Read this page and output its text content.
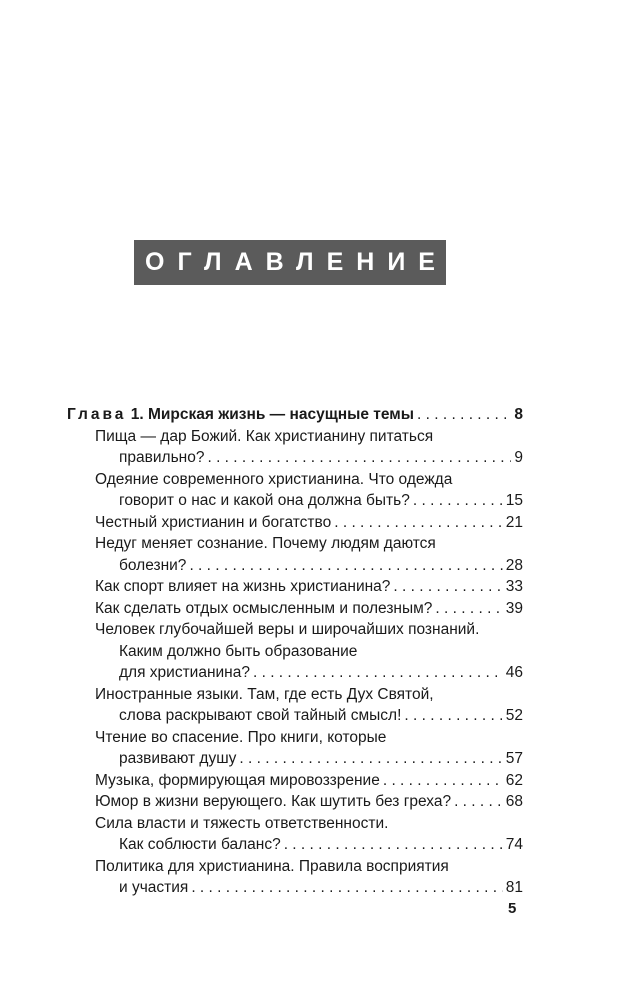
ОГЛАВЛЕНИЕ
Глава 1. Мирская жизнь — насущные темы . . .	8
Пища — дар Божий. Как христианину питаться
правильно? . . .	9
Одеяние современного христианина. Что одежда
говорит о нас и какой она должна быть? . . .	15
Честный христианин и богатство . . .	21
Недуг меняет сознание. Почему людям даются
болезни? . . .	28
Как спорт влияет на жизнь христианина? . . .	33
Как сделать отдых осмысленным и полезным? . . .	39
Человек глубочайшей веры и широчайших познаний.
Каким должно быть образование
для христианина? . . .	46
Иностранные языки. Там, где есть Дух Святой,
слова раскрывают свой тайный смысл! . . .	52
Чтение во спасение. Про книги, которые
развивают душу . . .	57
Музыка, формирующая мировоззрение . . .	62
Юмор в жизни верующего. Как шутить без греха? . . .	68
Сила власти и тяжесть ответственности.
Как соблюсти баланс? . . .	74
Политика для христианина. Правила восприятия
и участия . . .	81
5
